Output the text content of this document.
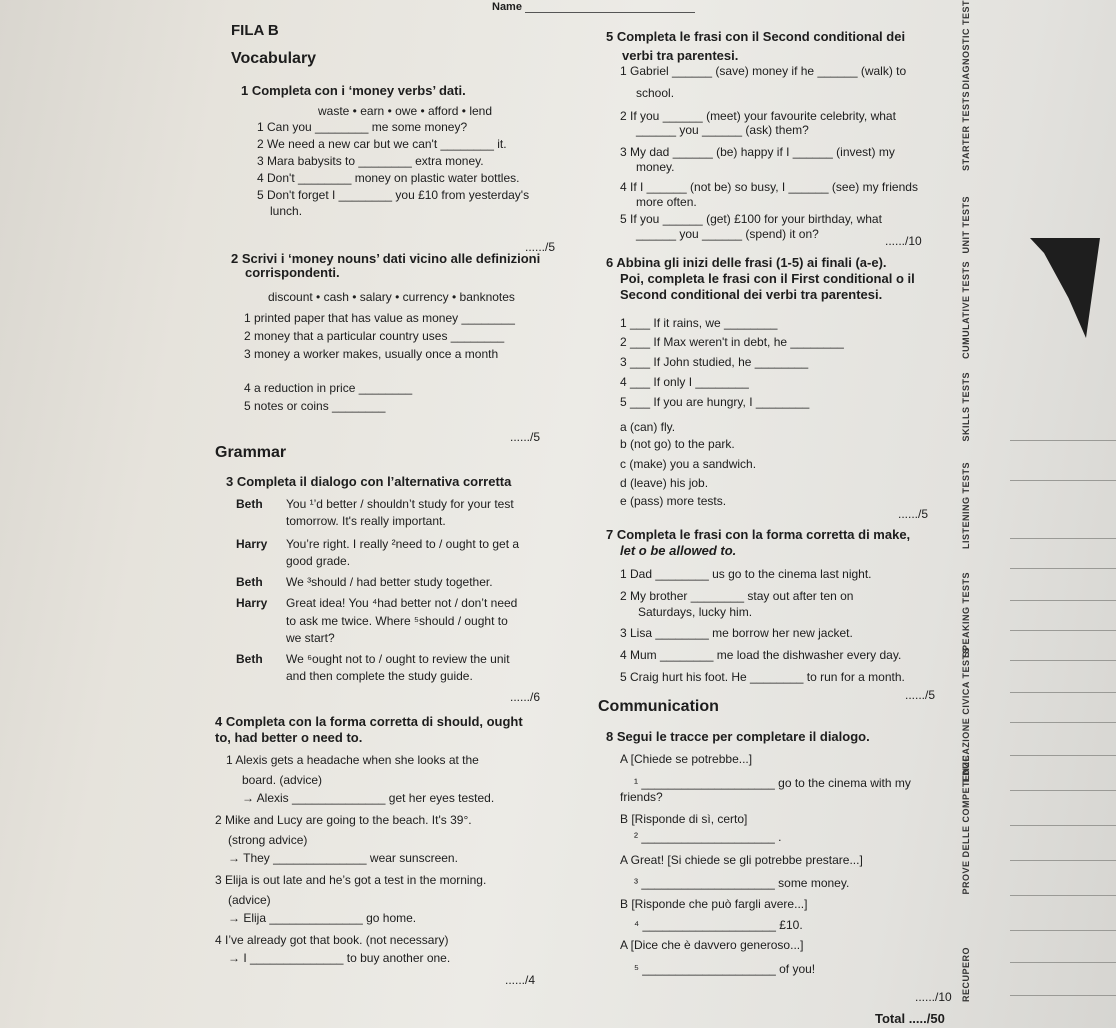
Name
FILA B
Vocabulary
1 Completa con i ‘money verbs’ dati.
waste • earn • owe • afford • lend
1 Can you ________ me some money?
2 We need a new car but we can't ________ it.
3 Mara babysits to ________ extra money.
4 Don't ________ money on plastic water bottles.
5 Don't forget I ________ you £10 from yesterday's
lunch.
....../5
2 Scrivi i ‘money nouns’ dati vicino alle definizioni
corrispondenti.
discount • cash • salary • currency • banknotes
1 printed paper that has value as money ________
2 money that a particular country uses ________
3 money a worker makes, usually once a month
4 a reduction in price ________
5 notes or coins ________
....../5
Grammar
3 Completa il dialogo con l’alternativa corretta
Beth You ¹’d better / shouldn’t study for your test
tomorrow. It's really important.
Harry You’re right. I really ²need to / ought to get a
good grade.
Beth We ³should / had better study together.
Harry Great idea! You ⁴had better not / don’t need
to ask me twice. Where ⁵should / ought to
we start?
Beth We ⁶ought not to / ought to review the unit
and then complete the study guide.
....../6
4 Completa con la forma corretta di should, ought
to, had better o need to.
1 Alexis gets a headache when she looks at the
board. (advice)
→ Alexis ______________ get her eyes tested.
2 Mike and Lucy are going to the beach. It's 39°.
(strong advice)
→ They ______________ wear sunscreen.
3 Elija is out late and he’s got a test in the morning.
(advice)
→ Elija ______________ go home.
4 I’ve already got that book. (not necessary)
→ I ______________ to buy another one.
....../4
5 Completa le frasi con il Second conditional dei
verbi tra parentesi.
1 Gabriel ______ (save) money if he ______ (walk) to
school.
2 If you ______ (meet) your favourite celebrity, what
______ you ______ (ask) them?
3 My dad ______ (be) happy if I ______ (invest) my
money.
4 If I ______ (not be) so busy, I ______ (see) my friends
more often.
5 If you ______ (get) £100 for your birthday, what
______ you ______ (spend) it on?	....../10
6 Abbina gli inizi delle frasi (1-5) ai finali (a-e).
Poi, completa le frasi con il First conditional o il
Second conditional dei verbi tra parentesi.
1 ___ If it rains, we ________
2 ___ If Max weren't in debt, he ________
3 ___ If John studied, he ________
4 ___ If only I ________
5 ___ If you are hungry, I ________
a (can) fly.
b (not go) to the park.
c (make) you a sandwich.
d (leave) his job.
e (pass) more tests.
....../5
7 Completa le frasi con la forma corretta di make,
let o be allowed to.
1 Dad ________ us go to the cinema last night.
2 My brother ________ stay out after ten on
Saturdays, lucky him.
3 Lisa ________ me borrow her new jacket.
4 Mum ________ me load the dishwasher every day.
5 Craig hurt his foot. He ________ to run for a month.
....../5
Communication
8 Segui le tracce per completare il dialogo.
A [Chiede se potrebbe...]
¹ ____________________ go to the cinema with my
friends?
B [Risponde di sì, certo]
² ____________________ .
A Great! [Si chiede se gli potrebbe prestare...]
³ ____________________ some money.
B [Risponde che può fargli avere...]
⁴ ____________________ £10.
A [Dice che è davvero generoso...]
⁵ ____________________ of you!
....../10
Total ...../50
DIAGNOSTIC TEST
STARTER TESTS
UNIT TESTS
CUMULATIVE TESTS
SKILLS TESTS
LISTENING TESTS
SPEAKING TESTS
EDUCAZIONE CIVICA TESTS
PROVE DELLE COMPETENZE
RECUPERO
